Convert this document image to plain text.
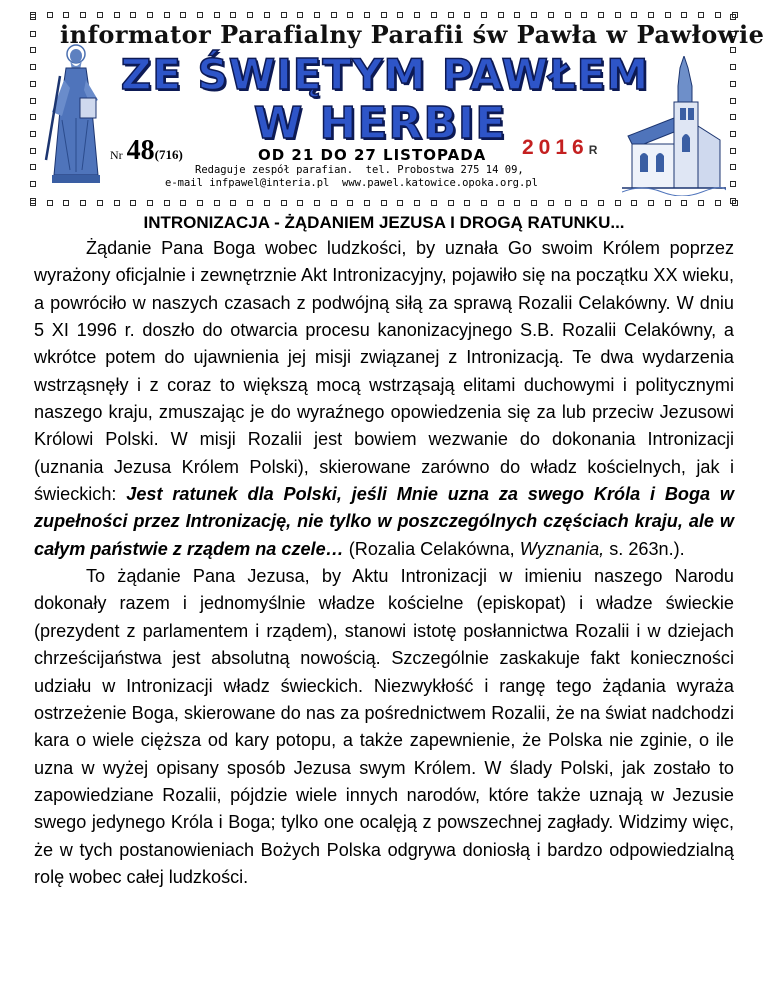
informator Parafialny Parafii św Pawła w Pawłowie
ZE ŚWIĘTYM PAWŁEM
W HERBIE
Nr 48(716)	OD 21 DO 27 LISTOPADA 2016R
Redaguje zespół parafian.  tel. Probostwa 275 14 09,
e-mail infpawel@interia.pl  www.pawel.katowice.opoka.org.pl
INTRONIZACJA - ŻĄDANIEM JEZUSA I DROGĄ RATUNKU...

Żądanie Pana Boga wobec ludzkości, by uznała Go swoim Królem poprzez wyrażony oficjalnie i zewnętrznie Akt Intronizacyjny, pojawiło się na początku XX wieku, a powróciło w naszych czasach z podwójną siłą za sprawą Rozalii Celakówny. W dniu 5 XI 1996 r. doszło do otwarcia procesu kanonizacyjnego S.B. Rozalii Celakówny, a wkrótce potem do ujawnienia jej misji związanej z Intronizacją. Te dwa wydarzenia wstrząsnęły i z coraz to większą mocą wstrząsają elitami duchowymi i politycznymi naszego kraju, zmuszając je do wyraźnego opowiedzenia się za lub przeciw Jezusowi Królowi Polski. W misji Rozalii jest bowiem wezwanie do dokonania Intronizacji (uznania Jezusa Królem Polski), skierowane zarówno do władz kościelnych, jak i świeckich: Jest ratunek dla Polski, jeśli Mnie uzna za swego Króla i Boga w zupełności przez Intronizację, nie tylko w poszczególnych częściach kraju, ale w całym państwie z rządem na czele… (Rozalia Celakówna, Wyznania, s. 263n.).

To żądanie Pana Jezusa, by Aktu Intronizacji w imieniu naszego Narodu dokonały razem i jednomyślnie władze kościelne (episkopat) i władze świeckie (prezydent z parlamentem i rządem), stanowi istotę posłannictwa Rozalii i w dziejach chrześcijaństwa jest absolutną nowością. Szczególnie zaskakuje fakt konieczności udziału w Intronizacji władz świeckich. Niezwykłość i rangę tego żądania wyraża ostrzeżenie Boga, skierowane do nas za pośrednictwem Rozalii, że na świat nadchodzi kara o wiele cięższa od kary potopu, a także zapewnienie, że Polska nie zginie, o ile uzna w wyżej opisany sposób Jezusa swym Królem. W ślady Polski, jak zostało to zapowiedziane Rozalii, pójdzie wiele innych narodów, które także uznają w Jezusie swego jedynego Króla i Boga; tylko one ocalęją z powszechnej zagłady. Widzimy więc, że w tych postanowieniach Bożych Polska odgrywa doniosłą i bardzo odpowiedzialną rolę wobec całej ludzkości.
